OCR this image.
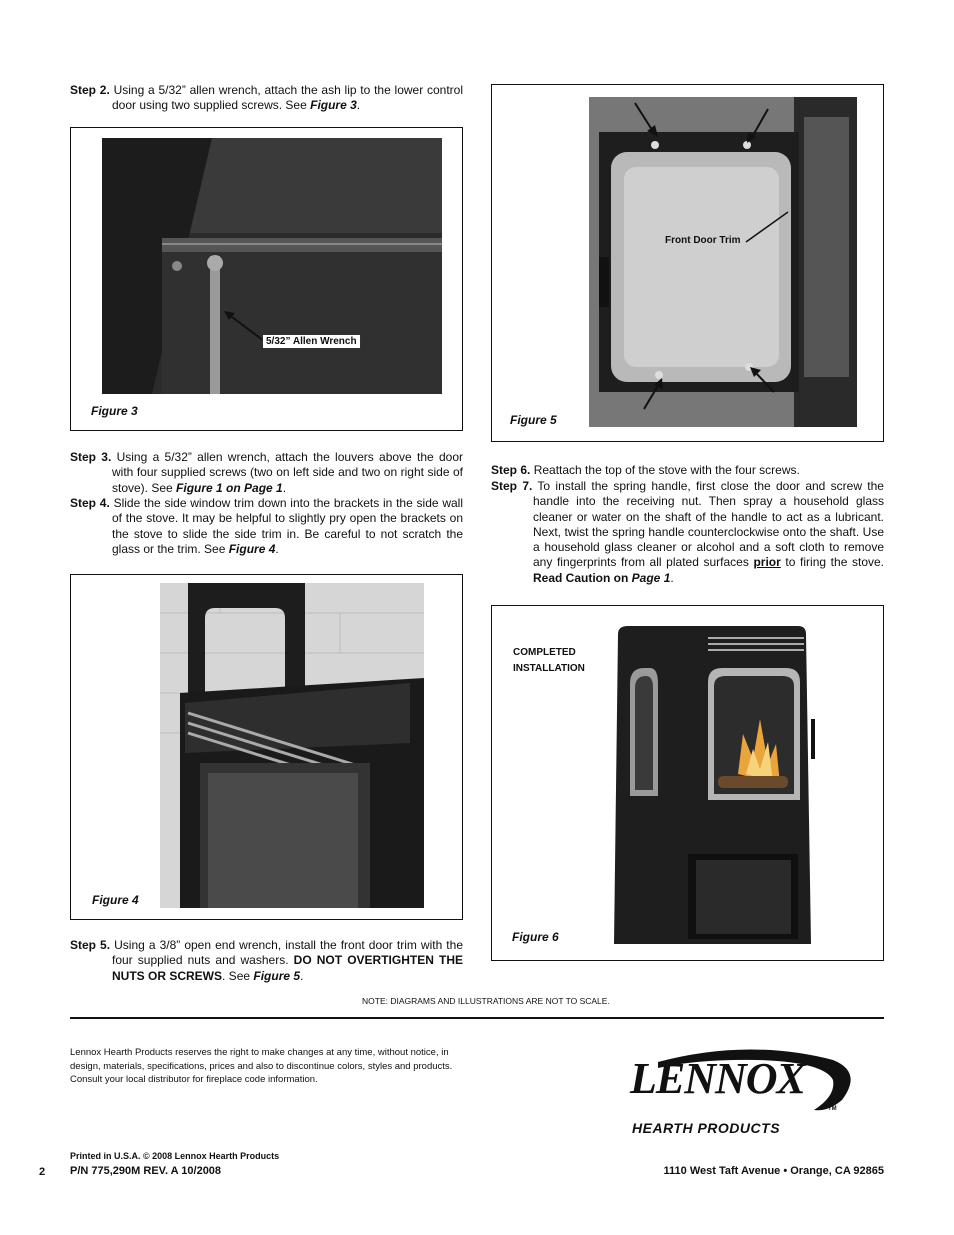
Step 2. Using a 5/32” allen wrench, attach the ash lip to the lower control door using two supplied screws. See Figure 3.
5/32” Allen Wrench
Figure 3
Step 3. Using a 5/32” allen wrench, attach the louvers above the door with four supplied screws (two on left side and two on right side of stove). See Figure 1 on Page 1.
Step 4. Slide the side window trim down into the brackets in the side wall of the stove. It may be helpful to slightly pry open the brackets on the stove to slide the side trim in. Be careful to not scratch the glass or the trim. See Figure 4.
Figure 4
Step 5. Using a 3/8” open end wrench, install the front door trim with the four supplied nuts and washers. DO NOT OVERTIGHTEN THE NUTS OR SCREWS. See Figure 5.
Front Door Trim
Figure 5
Step 6. Reattach the top of the stove with the four screws.
Step 7. To install the spring handle, first close the door and screw the handle into the receiving nut. Then spray a household glass cleaner or water on the shaft of the handle to act as a lubricant. Next, twist the spring handle counterclockwise onto the shaft. Use a household glass cleaner or alcohol and a soft cloth to remove any fingerprints from all plated surfaces prior to firing the stove. Read Caution on Page 1.
COMPLETED
INSTALLATION
Figure 6
NOTE: DIAGRAMS AND ILLUSTRATIONS ARE NOT TO SCALE.
Lennox Hearth Products reserves the right to make changes at any time, without notice, in
design, materials, specifications, prices and also to discontinue colors, styles and products.
Consult your local distributor for fireplace code information.	LENNOX
TM
HEARTH PRODUCTS
Printed in U.S.A. © 2008 Lennox Hearth Products
2 P/N 775,290M REV. A 10/2008	1110 West Taft Avenue • Orange, CA 92865
